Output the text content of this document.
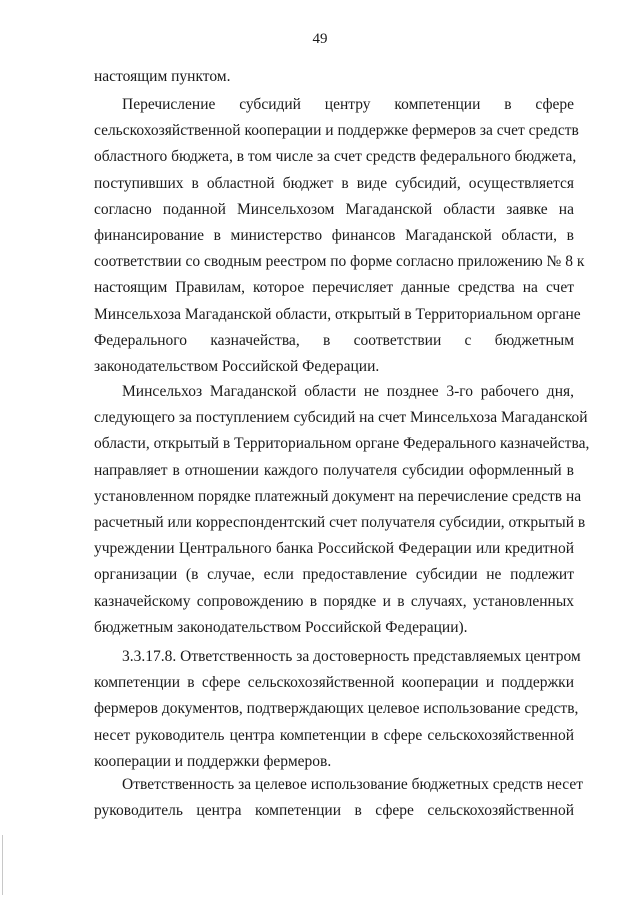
49
настоящим пунктом.
Перечисление субсидий центру компетенции в сфере
сельскохозяйственной кооперации и поддержке фермеров за счет средств
областного бюджета, в том числе за счет средств федерального бюджета,
поступивших в областной бюджет в виде субсидий, осуществляется
согласно поданной Минсельхозом Магаданской области заявке на
финансирование в министерство финансов Магаданской области, в
соответствии со сводным реестром по форме согласно приложению № 8 к
настоящим Правилам, которое перечисляет данные средства на счет
Минсельхоза Магаданской области, открытый в Территориальном органе
Федерального казначейства, в соответствии с бюджетным
законодательством Российской Федерации.
Минсельхоз Магаданской области не позднее 3-го рабочего дня,
следующего за поступлением субсидий на счет Минсельхоза Магаданской
области, открытый в Территориальном органе Федерального казначейства,
направляет в отношении каждого получателя субсидии оформленный в
установленном порядке платежный документ на перечисление средств на
расчетный или корреспондентский счет получателя субсидии, открытый в
учреждении Центрального банка Российской Федерации или кредитной
организации (в случае, если предоставление субсидии не подлежит
казначейскому сопровождению в порядке и в случаях, установленных
бюджетным законодательством Российской Федерации).
3.3.17.8. Ответственность за достоверность представляемых центром
компетенции в сфере сельскохозяйственной кооперации и поддержки
фермеров документов, подтверждающих целевое использование средств,
несет руководитель центра компетенции в сфере сельскохозяйственной
кооперации и поддержки фермеров.
Ответственность за целевое использование бюджетных средств несет
руководитель центра компетенции в сфере сельскохозяйственной
